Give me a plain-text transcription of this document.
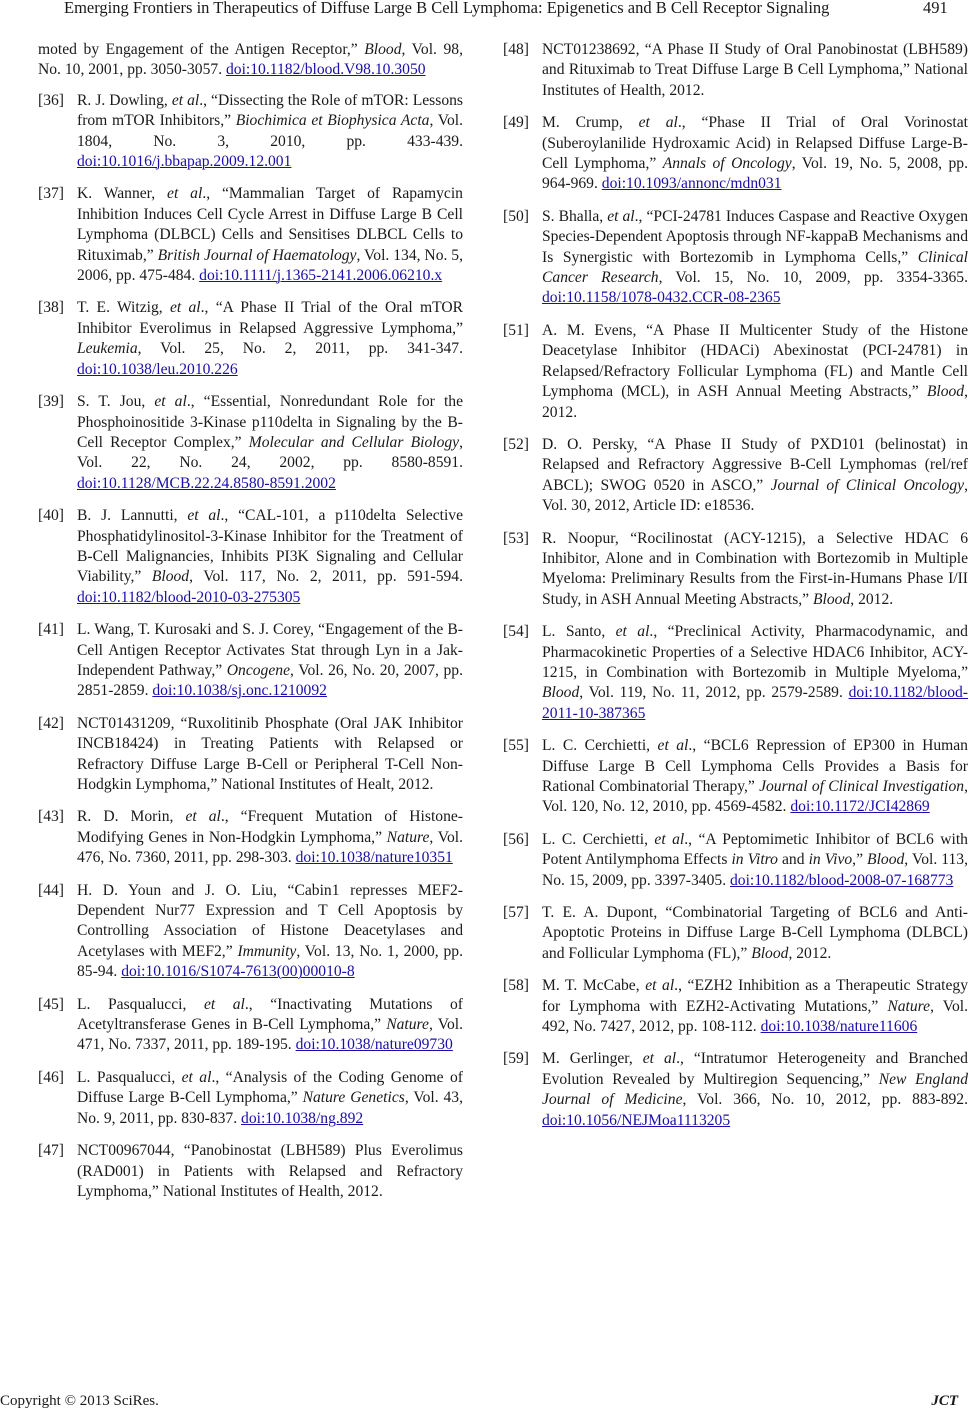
Emerging Frontiers in Therapeutics of Diffuse Large B Cell Lymphoma: Epigenetics and B Cell Receptor Signaling	491
moted by Engagement of the Antigen Receptor,” Blood, Vol. 98, No. 10, 2001, pp. 3050-3057. doi:10.1182/blood.V98.10.3050
[36] R. J. Dowling, et al., “Dissecting the Role of mTOR: Lessons from mTOR Inhibitors,” Biochimica et Biophysica Acta, Vol. 1804, No. 3, 2010, pp. 433-439. doi:10.1016/j.bbapap.2009.12.001
[37] K. Wanner, et al., “Mammalian Target of Rapamycin Inhibition Induces Cell Cycle Arrest in Diffuse Large B Cell Lymphoma (DLBCL) Cells and Sensitises DLBCL Cells to Rituximab,” British Journal of Haematology, Vol. 134, No. 5, 2006, pp. 475-484. doi:10.1111/j.1365-2141.2006.06210.x
[38] T. E. Witzig, et al., “A Phase II Trial of the Oral mTOR Inhibitor Everolimus in Relapsed Aggressive Lymphoma,” Leukemia, Vol. 25, No. 2, 2011, pp. 341-347. doi:10.1038/leu.2010.226
[39] S. T. Jou, et al., “Essential, Nonredundant Role for the Phosphoinositide 3-Kinase p110delta in Signaling by the B-Cell Receptor Complex,” Molecular and Cellular Biology, Vol. 22, No. 24, 2002, pp. 8580-8591. doi:10.1128/MCB.22.24.8580-8591.2002
[40] B. J. Lannutti, et al., “CAL-101, a p110delta Selective Phosphatidylinositol-3-Kinase Inhibitor for the Treatment of B-Cell Malignancies, Inhibits PI3K Signaling and Cellular Viability,” Blood, Vol. 117, No. 2, 2011, pp. 591-594. doi:10.1182/blood-2010-03-275305
[41] L. Wang, T. Kurosaki and S. J. Corey, “Engagement of the B-Cell Antigen Receptor Activates Stat through Lyn in a Jak-Independent Pathway,” Oncogene, Vol. 26, No. 20, 2007, pp. 2851-2859. doi:10.1038/sj.onc.1210092
[42] NCT01431209, “Ruxolitinib Phosphate (Oral JAK Inhibitor INCB18424) in Treating Patients with Relapsed or Refractory Diffuse Large B-Cell or Peripheral T-Cell Non-Hodgkin Lymphoma,” National Institutes of Healt, 2012.
[43] R. D. Morin, et al., “Frequent Mutation of Histone-Modifying Genes in Non-Hodgkin Lymphoma,” Nature, Vol. 476, No. 7360, 2011, pp. 298-303. doi:10.1038/nature10351
[44] H. D. Youn and J. O. Liu, “Cabin1 represses MEF2-Dependent Nur77 Expression and T Cell Apoptosis by Controlling Association of Histone Deacetylases and Acetylases with MEF2,” Immunity, Vol. 13, No. 1, 2000, pp. 85-94. doi:10.1016/S1074-7613(00)00010-8
[45] L. Pasqualucci, et al., “Inactivating Mutations of Acetyltransferase Genes in B-Cell Lymphoma,” Nature, Vol. 471, No. 7337, 2011, pp. 189-195. doi:10.1038/nature09730
[46] L. Pasqualucci, et al., “Analysis of the Coding Genome of Diffuse Large B-Cell Lymphoma,” Nature Genetics, Vol. 43, No. 9, 2011, pp. 830-837. doi:10.1038/ng.892
[47] NCT00967044, “Panobinostat (LBH589) Plus Everolimus (RAD001) in Patients with Relapsed and Refractory Lymphoma,” National Institutes of Health, 2012.
[48] NCT01238692, “A Phase II Study of Oral Panobinostat (LBH589) and Rituximab to Treat Diffuse Large B Cell Lymphoma,” National Institutes of Health, 2012.
[49] M. Crump, et al., “Phase II Trial of Oral Vorinostat (Suberoylanilide Hydroxamic Acid) in Relapsed Diffuse Large-B-Cell Lymphoma,” Annals of Oncology, Vol. 19, No. 5, 2008, pp. 964-969. doi:10.1093/annonc/mdn031
[50] S. Bhalla, et al., “PCI-24781 Induces Caspase and Reactive Oxygen Species-Dependent Apoptosis through NF-kappaB Mechanisms and Is Synergistic with Bortezomib in Lymphoma Cells,” Clinical Cancer Research, Vol. 15, No. 10, 2009, pp. 3354-3365. doi:10.1158/1078-0432.CCR-08-2365
[51] A. M. Evens, “A Phase II Multicenter Study of the Histone Deacetylase Inhibitor (HDACi) Abexinostat (PCI-24781) in Relapsed/Refractory Follicular Lymphoma (FL) and Mantle Cell Lymphoma (MCL), in ASH Annual Meeting Abstracts,” Blood, 2012.
[52] D. O. Persky, “A Phase II Study of PXD101 (belinostat) in Relapsed and Refractory Aggressive B-Cell Lymphomas (rel/ref ABCL); SWOG 0520 in ASCO,” Journal of Clinical Oncology, Vol. 30, 2012, Article ID: e18536.
[53] R. Noopur, “Rocilinostat (ACY-1215), a Selective HDAC 6 Inhibitor, Alone and in Combination with Bortezomib in Multiple Myeloma: Preliminary Results from the First-in-Humans Phase I/II Study, in ASH Annual Meeting Abstracts,” Blood, 2012.
[54] L. Santo, et al., “Preclinical Activity, Pharmacodynamic, and Pharmacokinetic Properties of a Selective HDAC6 Inhibitor, ACY-1215, in Combination with Bortezomib in Multiple Myeloma,” Blood, Vol. 119, No. 11, 2012, pp. 2579-2589. doi:10.1182/blood-2011-10-387365
[55] L. C. Cerchietti, et al., “BCL6 Repression of EP300 in Human Diffuse Large B Cell Lymphoma Cells Provides a Basis for Rational Combinatorial Therapy,” Journal of Clinical Investigation, Vol. 120, No. 12, 2010, pp. 4569-4582. doi:10.1172/JCI42869
[56] L. C. Cerchietti, et al., “A Peptomimetic Inhibitor of BCL6 with Potent Antilymphoma Effects in Vitro and in Vivo,” Blood, Vol. 113, No. 15, 2009, pp. 3397-3405. doi:10.1182/blood-2008-07-168773
[57] T. E. A. Dupont, “Combinatorial Targeting of BCL6 and Anti-Apoptotic Proteins in Diffuse Large B-Cell Lymphoma (DLBCL) and Follicular Lymphoma (FL),” Blood, 2012.
[58] M. T. McCabe, et al., “EZH2 Inhibition as a Therapeutic Strategy for Lymphoma with EZH2-Activating Mutations,” Nature, Vol. 492, No. 7427, 2012, pp. 108-112. doi:10.1038/nature11606
[59] M. Gerlinger, et al., “Intratumor Heterogeneity and Branched Evolution Revealed by Multiregion Sequencing,” New England Journal of Medicine, Vol. 366, No. 10, 2012, pp. 883-892. doi:10.1056/NEJMoa1113205
Copyright © 2013 SciRes.	JCT
